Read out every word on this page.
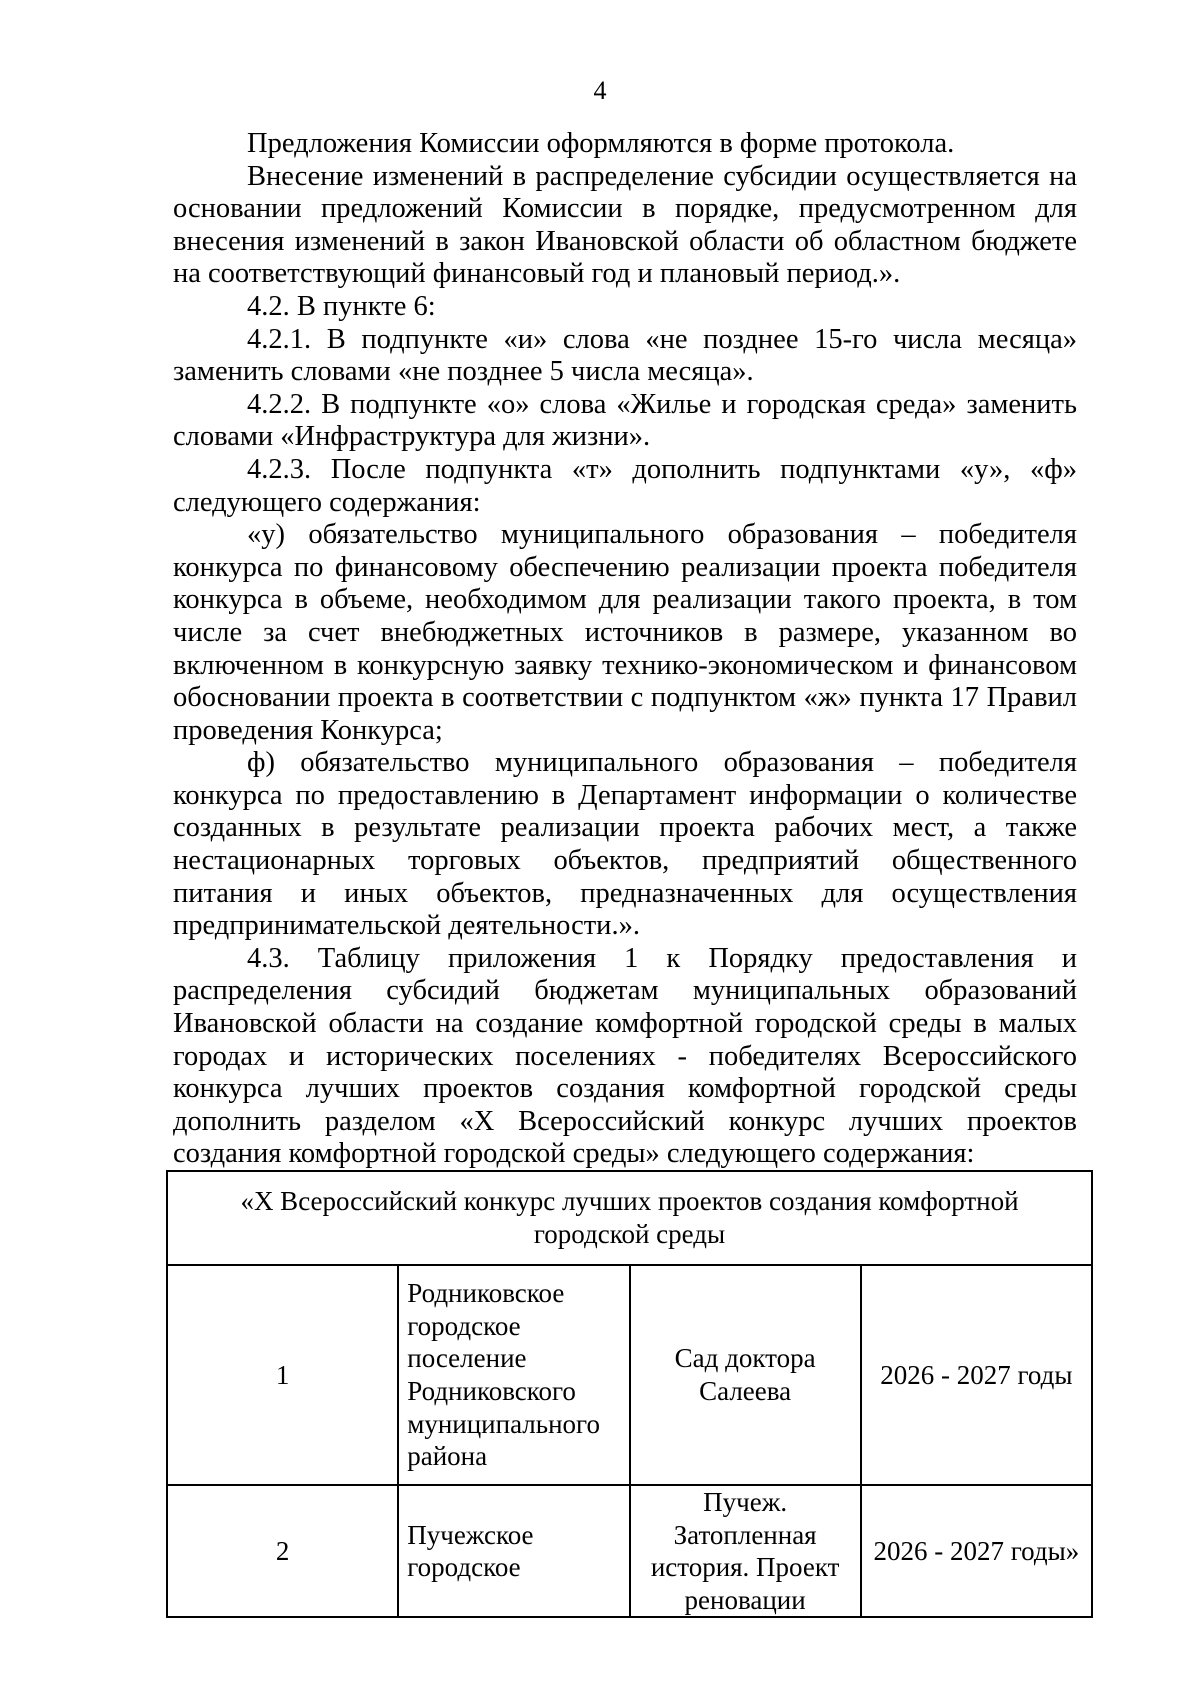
4

Предложения Комиссии оформляются в форме протокола.

Внесение изменений в распределение субсидии осуществляется на основании предложений Комиссии в порядке, предусмотренном для внесения изменений в закон Ивановской области об областном бюджете на соответствующий финансовый год и плановый период.».

4.2. В пункте 6:

4.2.1. В подпункте «и» слова «не позднее 15-го числа месяца» заменить словами «не позднее 5 числа месяца».

4.2.2. В подпункте «о» слова «Жилье и городская среда» заменить словами «Инфраструктура для жизни».

4.2.3. После подпункта «т» дополнить подпунктами «у», «ф» следующего содержания:

«у) обязательство муниципального образования – победителя конкурса по финансовому обеспечению реализации проекта победителя конкурса в объеме, необходимом для реализации такого проекта, в том числе за счет внебюджетных источников в размере, указанном во включенном в конкурсную заявку технико-экономическом и финансовом обосновании проекта в соответствии с подпунктом «ж» пункта 17 Правил проведения Конкурса;

ф) обязательство муниципального образования – победителя конкурса по предоставлению в Департамент информации о количестве созданных в результате реализации проекта рабочих мест, а также нестационарных торговых объектов, предприятий общественного питания и иных объектов, предназначенных для осуществления предпринимательской деятельности.».

4.3. Таблицу приложения 1 к Порядку предоставления и распределения субсидий бюджетам муниципальных образований Ивановской области на создание комфортной городской среды в малых городах и исторических поселениях - победителях Всероссийского конкурса лучших проектов создания комфортной городской среды дополнить разделом «X Всероссийский конкурс лучших проектов создания комфортной городской среды» следующего содержания:

«X Всероссийский конкурс лучших проектов создания комфортной городской среды			
1	Родниковское городское поселение Родниковского муниципального района	Сад доктора Салеева	2026 - 2027 годы
2	Пучежское городское	Пучеж. Затопленная история. Проект реновации	2026 - 2027 годы»
